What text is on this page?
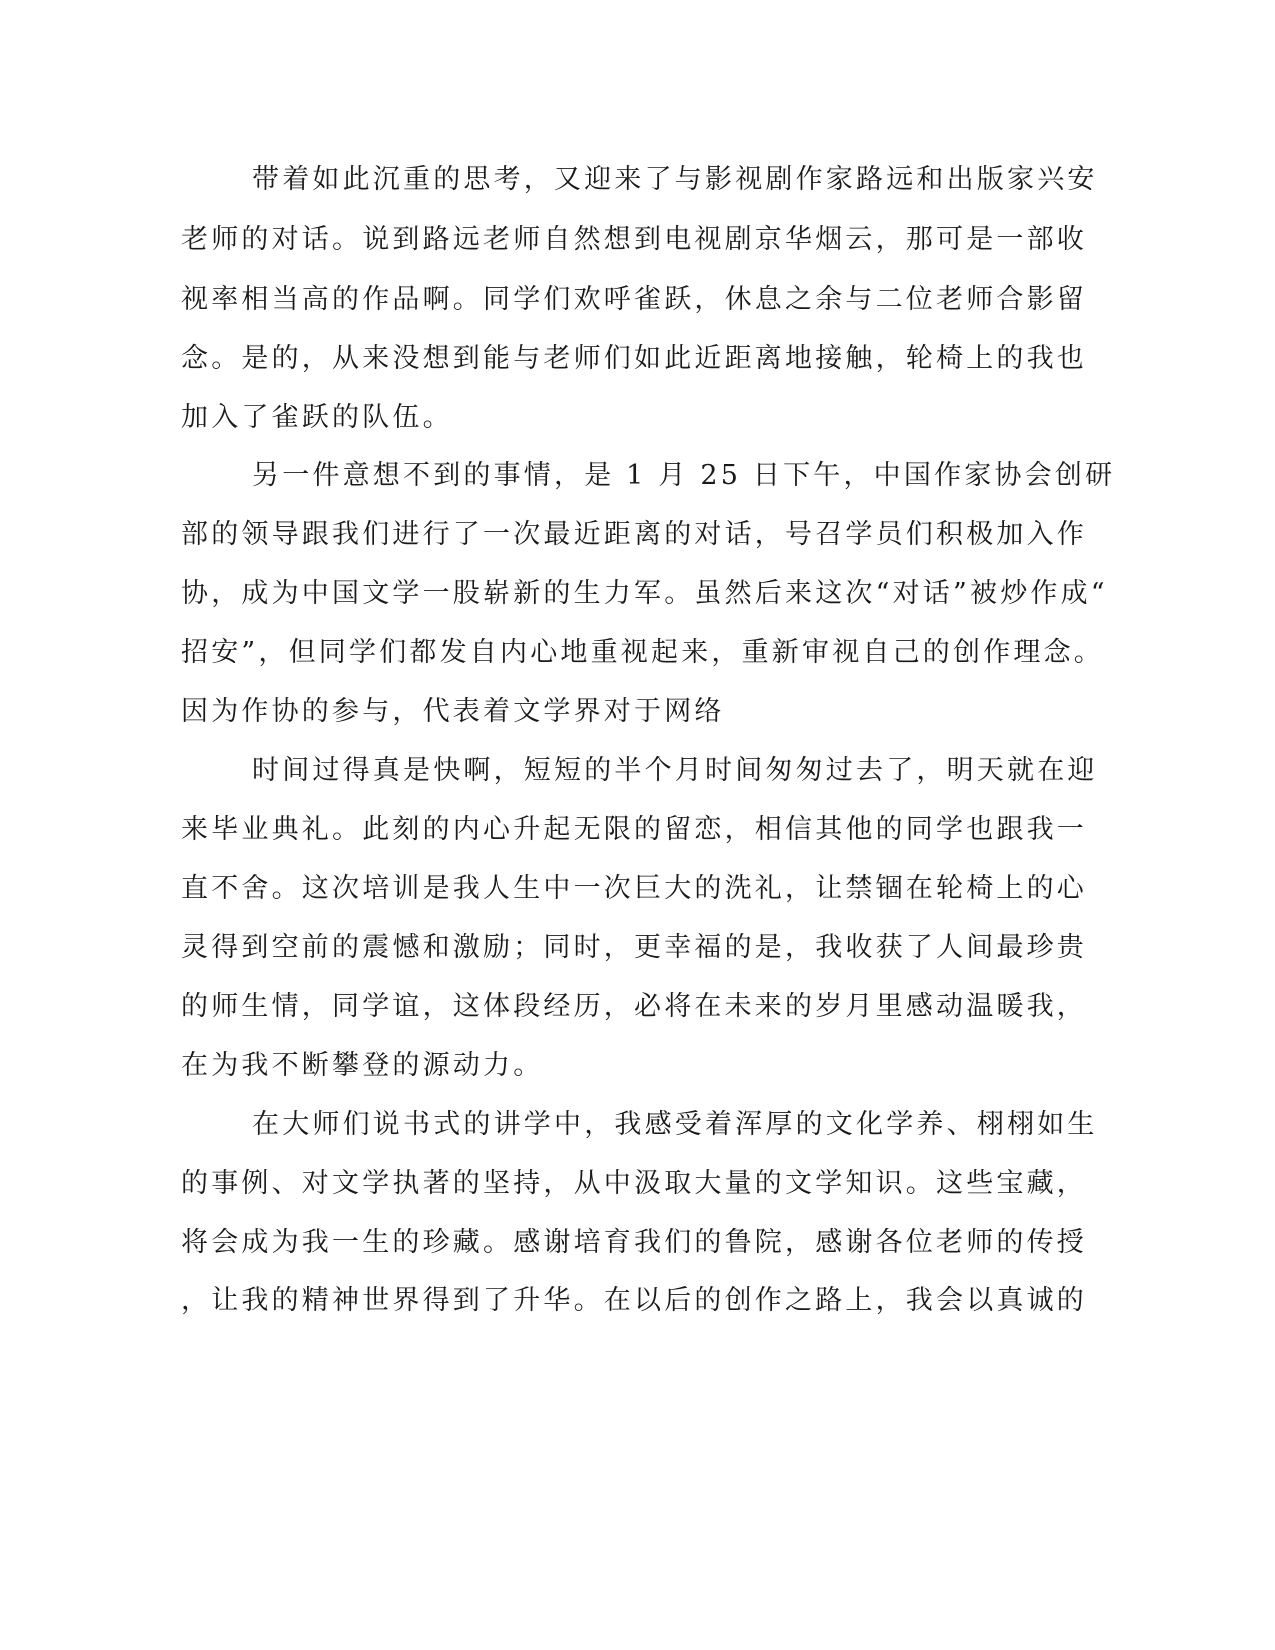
带着如此沉重的思考，又迎来了与影视剧作家路远和出版家兴安
老师的对话。说到路远老师自然想到电视剧京华烟云，那可是一部收
视率相当高的作品啊。同学们欢呼雀跃，休息之余与二位老师合影留
念。是的，从来没想到能与老师们如此近距离地接触，轮椅上的我也
加入了雀跃的队伍。
另一件意想不到的事情，是 1 月 25 日下午，中国作家协会创研
部的领导跟我们进行了一次最近距离的对话，号召学员们积极加入作
协，成为中国文学一股崭新的生力军。虽然后来这次“对话”被炒作成“
招安”，但同学们都发自内心地重视起来，重新审视自己的创作理念。
因为作协的参与，代表着文学界对于网络
时间过得真是快啊，短短的半个月时间匆匆过去了，明天就在迎
来毕业典礼。此刻的内心升起无限的留恋，相信其他的同学也跟我一
直不舍。这次培训是我人生中一次巨大的洗礼，让禁锢在轮椅上的心
灵得到空前的震憾和激励；同时，更幸福的是，我收获了人间最珍贵
的师生情，同学谊，这体段经历，必将在未来的岁月里感动温暖我，
在为我不断攀登的源动力。
在大师们说书式的讲学中，我感受着浑厚的文化学养、栩栩如生
的事例、对文学执著的坚持，从中汲取大量的文学知识。这些宝藏，
将会成为我一生的珍藏。感谢培育我们的鲁院，感谢各位老师的传授
，让我的精神世界得到了升华。在以后的创作之路上，我会以真诚的
